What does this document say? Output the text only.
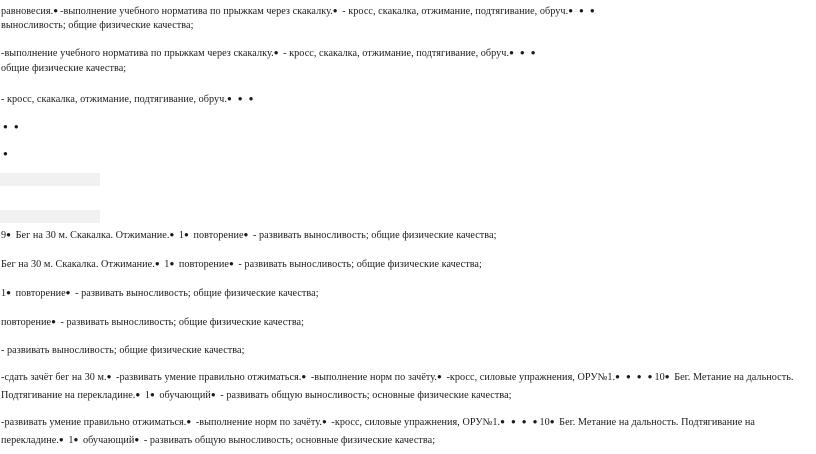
равновесия.●-выполнение учебного норматива по прыжкам через скакалку.● - кросс, скакалка, отжимание, подтягивание, обруч.● ● ●
выносливость; общие физические качества;
-выполнение учебного норматива по прыжкам через скакалку.● - кросс, скакалка, отжимание, подтягивание, обруч.● ● ●
общие физические качества;
- кросс, скакалка, отжимание, подтягивание, обруч.● ● ●
● ●
●
9● Бег на 30 м. Скакалка. Отжимание.● 1● повторение● - развивать выносливость; общие физические качества;
Бег на 30 м. Скакалка. Отжимание.● 1● повторение● - развивать выносливость; общие физические качества;
1● повторение● - развивать выносливость; общие физические качества;
повторение● - развивать выносливость; общие физические качества;
- развивать выносливость; общие физические качества;
-сдать зачёт бег на 30 м.● -развивать умение правильно отжиматься.● -выполнение норм по зачёту.● -кросс, силовые упражнения, ОРУ№1.● ● ● ●10● Бег. Метание на дальность. Подтягивание на перекладине.● 1● обучающий● - развивать общую выносливость; основные физические качества;
-развивать умение правильно отжиматься.● -выполнение норм по зачёту.● -кросс, силовые упражнения, ОРУ№1.● ● ● ●10● Бег. Метание на дальность. Подтягивание на перекладине.● 1● обучающий● - развивать общую выносливость; основные физические качества;
